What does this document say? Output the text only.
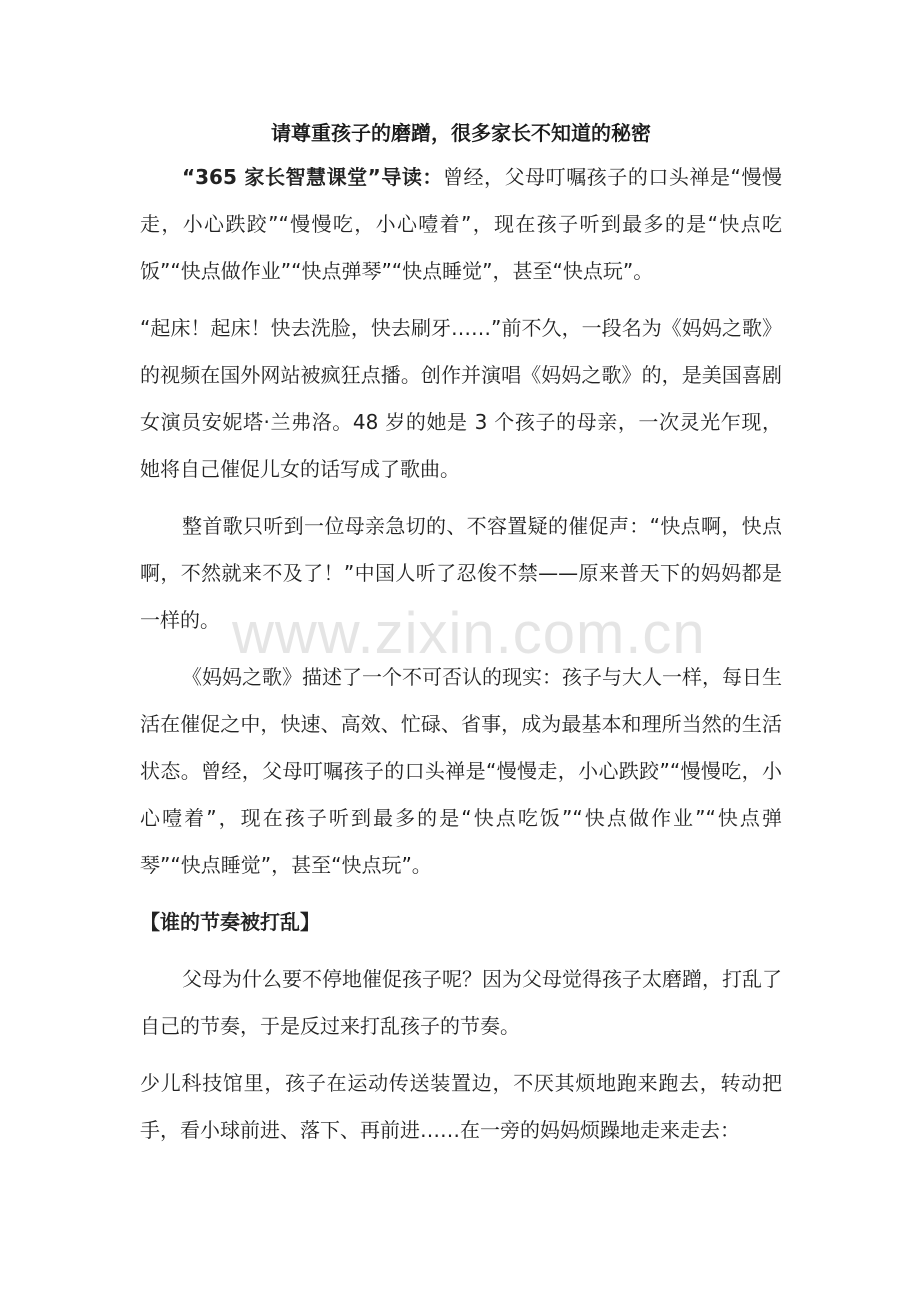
请尊重孩子的磨蹭，很多家长不知道的秘密

“365 家长智慧课堂”导读：曾经，父母叮嘱孩子的口头禅是“慢慢走，小心跌跤”“慢慢吃，小心噎着”，现在孩子听到最多的是“快点吃饭”“快点做作业”“快点弹琴”“快点睡觉”，甚至“快点玩”。

“起床！起床！快去洗脸，快去刷牙……”前不久，一段名为《妈妈之歌》的视频在国外网站被疯狂点播。创作并演唱《妈妈之歌》的，是美国喜剧女演员安妮塔·兰弗洛。48 岁的她是 3 个孩子的母亲，一次灵光乍现，她将自己催促儿女的话写成了歌曲。

整首歌只听到一位母亲急切的、不容置疑的催促声：“快点啊，快点啊，不然就来不及了！”中国人听了忍俊不禁——原来普天下的妈妈都是一样的。

《妈妈之歌》描述了一个不可否认的现实：孩子与大人一样，每日生活在催促之中，快速、高效、忙碌、省事，成为最基本和理所当然的生活状态。曾经，父母叮嘱孩子的口头禅是“慢慢走，小心跌跤”“慢慢吃，小心噎着”，现在孩子听到最多的是“快点吃饭”“快点做作业”“快点弹琴”“快点睡觉”，甚至“快点玩”。

【谁的节奏被打乱】

父母为什么要不停地催促孩子呢？因为父母觉得孩子太磨蹭，打乱了自己的节奏，于是反过来打乱孩子的节奏。

少儿科技馆里，孩子在运动传送装置边，不厌其烦地跑来跑去，转动把手，看小球前进、落下、再前进……在一旁的妈妈烦躁地走来走去：

www.zixin.com.cn
